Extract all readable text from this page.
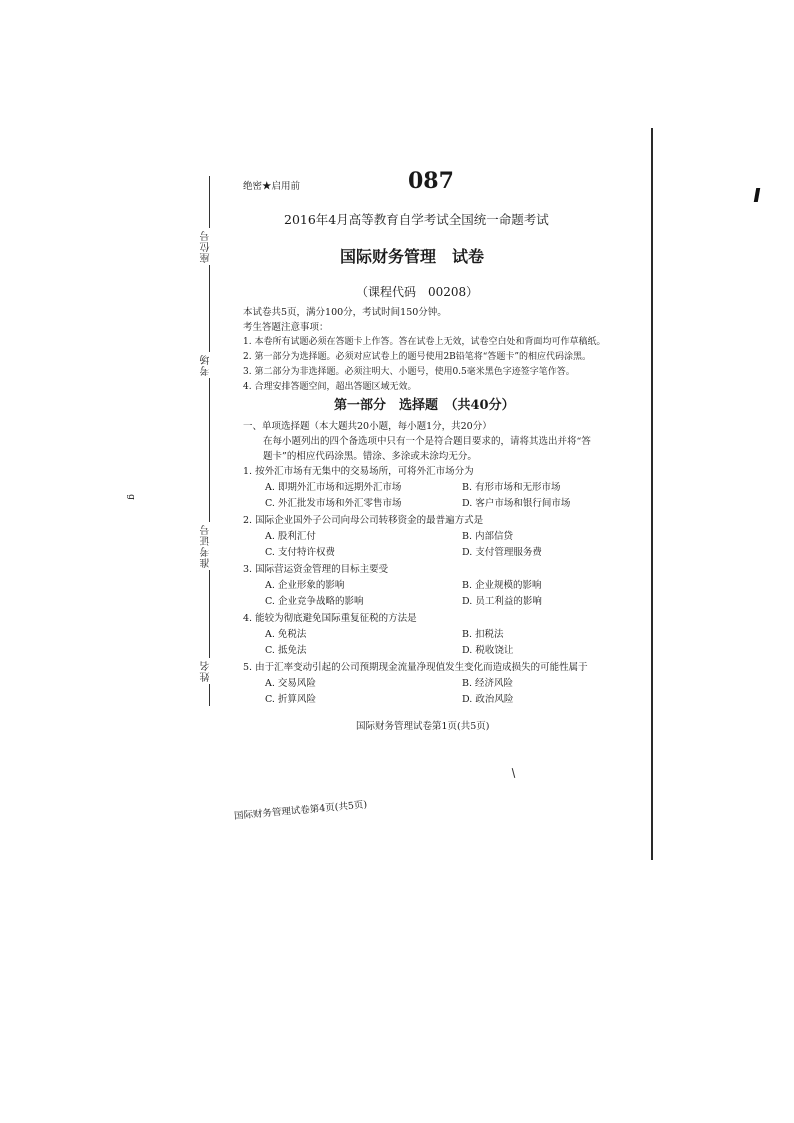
座位号
考场
准考证号
姓名
g
绝密★启用前	087
2016年4月高等教育自学考试全国统一命题考试
国际财务管理　试卷
（课程代码　00208）
本试卷共5页，满分100分，考试时间150分钟。
考生答题注意事项：
1. 本卷所有试题必须在答题卡上作答。答在试卷上无效，试卷空白处和背面均可作草稿纸。
2. 第一部分为选择题。必须对应试卷上的题号使用2B铅笔将“答题卡”的相应代码涂黑。
3. 第二部分为非选择题。必须注明大、小题号，使用0.5毫米黑色字迹签字笔作答。
4. 合理安排答题空间，超出答题区域无效。
第一部分　选择题　（共40分）
一、单项选择题（本大题共20小题，每小题1分，共20分）
在每小题列出的四个备选项中只有一个是符合题目要求的，请将其选出并将“答
题卡”的相应代码涂黑。错涂、多涂或未涂均无分。
1. 按外汇市场有无集中的交易场所，可将外汇市场分为
A. 即期外汇市场和远期外汇市场	B. 有形市场和无形市场
C. 外汇批发市场和外汇零售市场	D. 客户市场和银行间市场
2. 国际企业国外子公司向母公司转移资金的最普遍方式是
A. 股利汇付	B. 内部信贷
C. 支付特许权费	D. 支付管理服务费
3. 国际营运资金管理的目标主要受
A. 企业形象的影响	B. 企业规模的影响
C. 企业竞争战略的影响	D. 员工利益的影响
4. 能较为彻底避免国际重复征税的方法是
A. 免税法	B. 扣税法
C. 抵免法	D. 税收饶让
5. 由于汇率变动引起的公司预期现金流量净现值发生变化而造成损失的可能性属于
A. 交易风险	B. 经济风险
C. 折算风险	D. 政治风险
国际财务管理试卷第1页(共5页)
国际财务管理试卷第4页(共5页)
